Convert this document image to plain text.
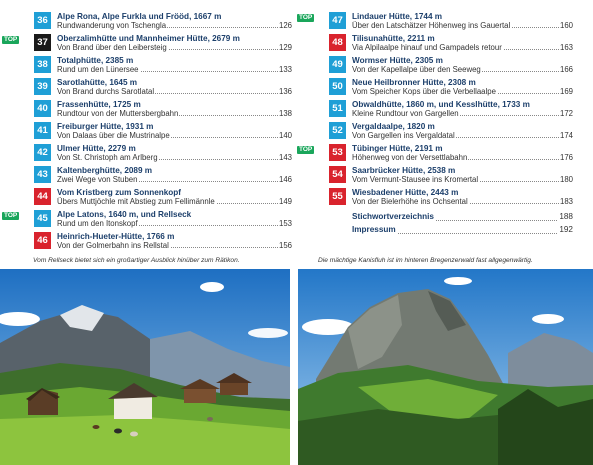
36	Alpe Rona, Alpe Furkla und Frööd, 1667 m
Rundwanderung von Tschengla	126
TOP	37	Oberzalimhütte und Mannheimer Hütte, 2679 m
Von Brand über den Leibersteig	129
38	Totalphütte, 2385 m
Rund um den Lünersee	133
39	Sarotlahütte, 1645 m
Von Brand durchs Sarotlatal	136
40	Frassenhütte, 1725 m
Rundtour von der Muttersbergbahn	138
41	Freiburger Hütte, 1931 m
Von Dalaas über die Mustrinalpe	140
42	Ulmer Hütte, 2279 m
Von St. Christoph am Arlberg	143
43	Kaltenberghütte, 2089 m
Zwei Wege von Stuben	146
44	Vom Kristberg zum Sonnenkopf
Übers Muttjöchle mit Abstieg zum Fellimännle	149
TOP	45	Alpe Latons, 1640 m, und Rellseck
Rund um den Itonskopf	153
46	Heinrich-Hueter-Hütte, 1766 m
Von der Golmerbahn ins Rellstal	156
TOP	47	Lindauer Hütte, 1744 m
Über den Latschätzer Höhenweg ins Gauertal	160
48	Tilisunahütte, 2211 m
Via Alpilaalpe hinauf und Gampadels retour	163
49	Wormser Hütte, 2305 m
Von der Kapellalpe über den Seeweg	166
50	Neue Heilbronner Hütte, 2308 m
Vom Speicher Kops über die Verbellaalpe	169
51	Obwaldhütte, 1860 m, und Kesslhütte, 1733 m
Kleine Rundtour von Gargellen	172
52	Vergaldaalpe, 1820 m
Von Gargellen ins Vergaldatal	174
TOP	53	Tübinger Hütte, 2191 m
Höhenweg von der Versettlabahn	176
54	Saarbrücker Hütte, 2538 m
Vom Vermunt-Stausee ins Kromertal	180
55	Wiesbadener Hütte, 2443 m
Von der Bielerhöhe ins Ochsental	183
Stichwortverzeichnis	188
Impressum	192
Vom Rellseck bietet sich ein großartiger Ausblick hinüber zum Rätikon.	Die mächtige Kanisfluh ist im hinteren Bregenzerwald fast allgegenwärtig.
